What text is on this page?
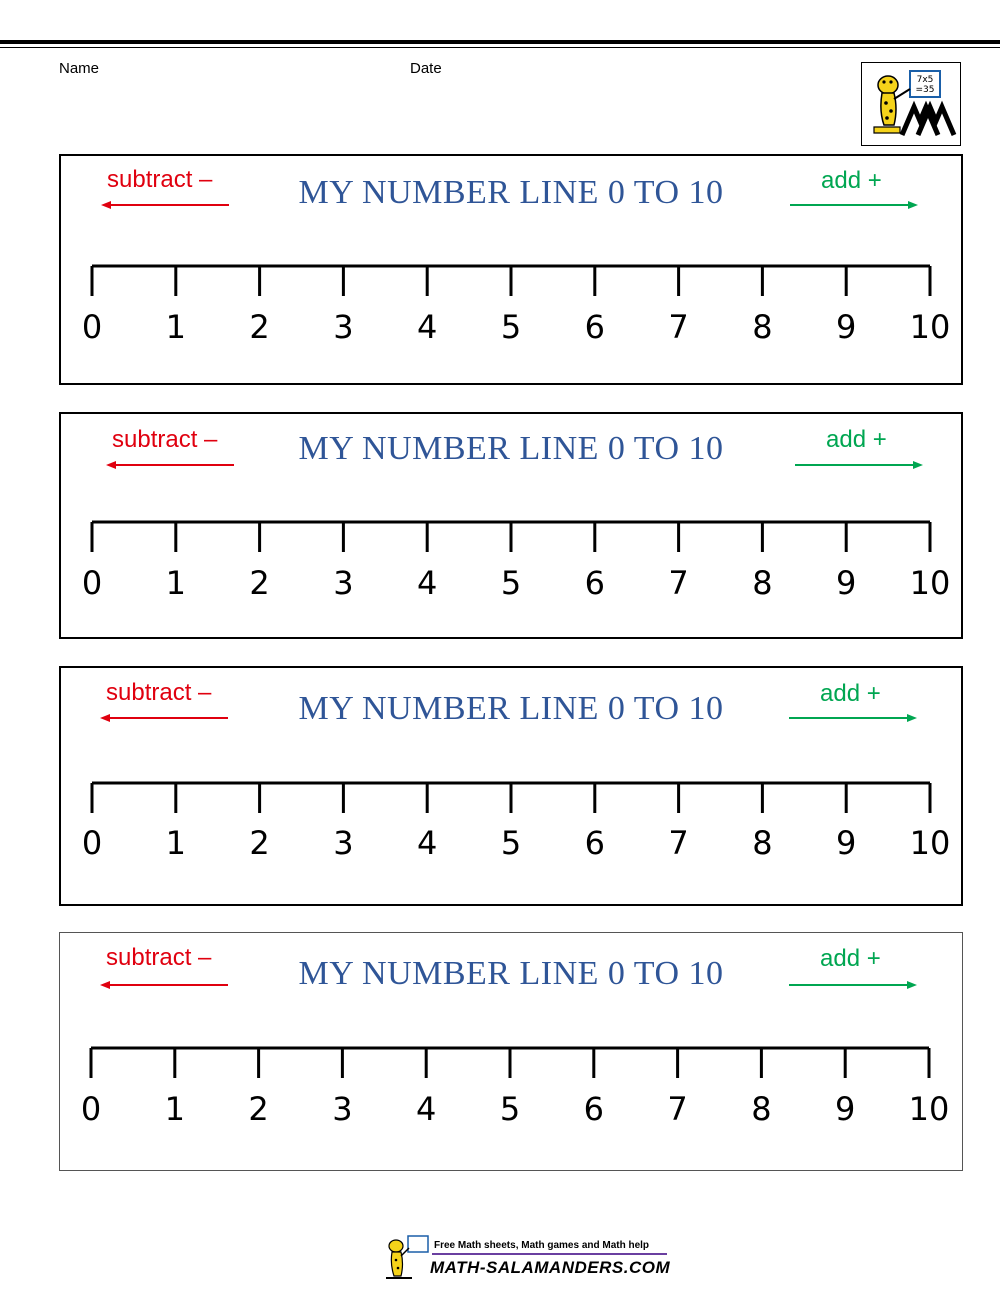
Name	Date
7x5
=35
subtract –	MY NUMBER LINE 0 TO 10	add +
0	1	2	3	4	5	6	7	8	9	10
subtract –	MY NUMBER LINE 0 TO 10	add +
0	1	2	3	4	5	6	7	8	9	10
subtract –	MY NUMBER LINE 0 TO 10	add +
0	1	2	3	4	5	6	7	8	9	10
subtract –	MY NUMBER LINE 0 TO 10	add +
0	1	2	3	4	5	6	7	8	9	10
Free Math sheets, Math games and Math help
MATH-SALAMANDERS.COM
